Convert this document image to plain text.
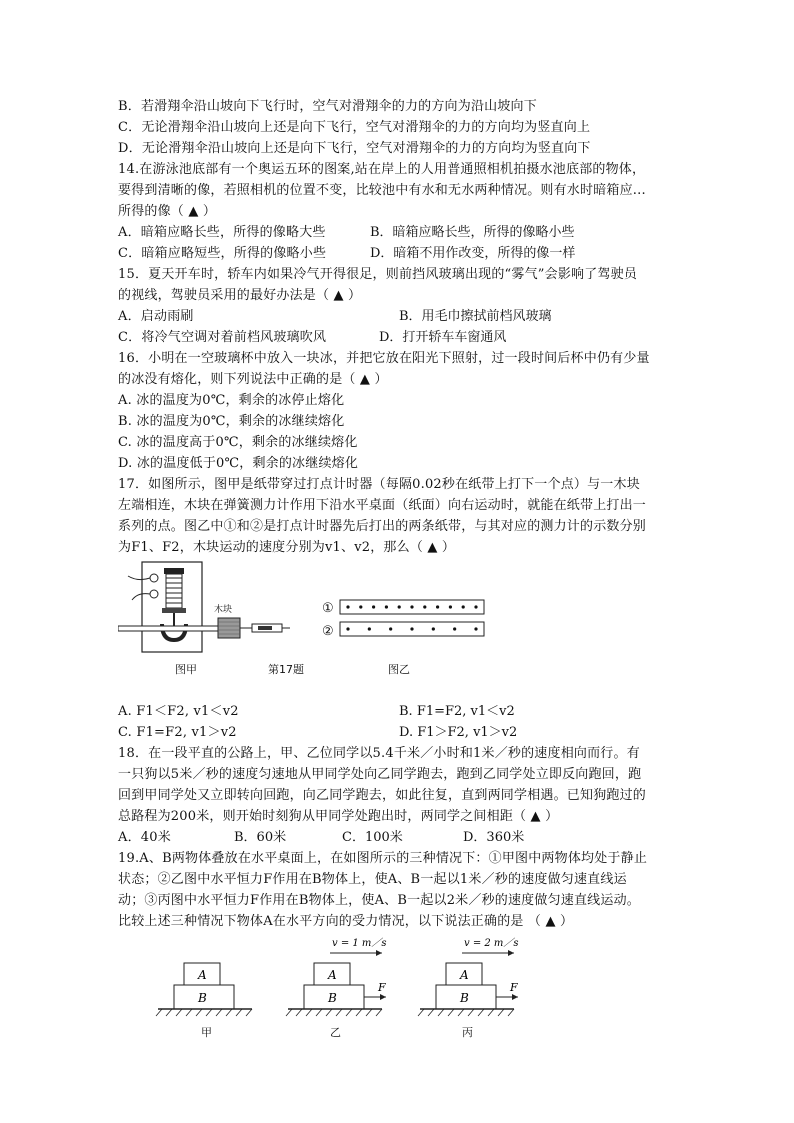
B．若滑翔伞沿山坡向下飞行时，空气对滑翔伞的力的方向为沿山坡向下
C．无论滑翔伞沿山坡向上还是向下飞行，空气对滑翔伞的力的方向均为竖直向上
D．无论滑翔伞沿山坡向上还是向下飞行，空气对滑翔伞的力的方向均为竖直向下
14.在游泳池底部有一个奥运五环的图案,站在岸上的人用普通照相机拍摄水池底部的物体，
要得到清晰的像，若照相机的位置不变，比较池中有水和无水两种情况。则有水时暗箱应...
所得的像（ ▲ ）
A．暗箱应略长些，所得的像略大些	B．暗箱应略长些，所得的像略小些
C．暗箱应略短些，所得的像略小些	D．暗箱不用作改变，所得的像一样
15．夏天开车时，轿车内如果冷气开得很足，则前挡风玻璃出现的“雾气”会影响了驾驶员
的视线，驾驶员采用的最好办法是（ ▲ ）
A．启动雨刷	B．用毛巾擦拭前档风玻璃
C．将冷气空调对着前档风玻璃吹风	D．打开轿车车窗通风
16．小明在一空玻璃杯中放入一块冰，并把它放在阳光下照射，过一段时间后杯中仍有少量
的冰没有熔化，则下列说法中正确的是（ ▲ ）
A. 冰的温度为0℃，剩余的冰停止熔化
B. 冰的温度为0℃，剩余的冰继续熔化
C. 冰的温度高于0℃，剩余的冰继续熔化
D. 冰的温度低于0℃，剩余的冰继续熔化
17．如图所示，图甲是纸带穿过打点计时器（每隔0.02秒在纸带上打下一个点）与一木块
左端相连，木块在弹簧测力计作用下沿水平桌面（纸面）向右运动时，就能在纸带上打出一
系列的点。图乙中①和②是打点计时器先后打出的两条纸带，与其对应的测力计的示数分别
为F1、F2，木块运动的速度分别为v1、v2，那么（ ▲ ）
木块	①
②
图甲	第17题	图乙
A. F1＜F2, v1＜v2	B. F1=F2, v1＜v2
C. F1=F2, v1＞v2	D. F1＞F2, v1＞v2
18．在一段平直的公路上，甲、乙位同学以5.4千米／小时和1米／秒的速度相向而行。有
一只狗以5米／秒的速度匀速地从甲同学处向乙同学跑去，跑到乙同学处立即反向跑回，跑
回到甲同学处又立即转向回跑，向乙同学跑去，如此往复，直到两同学相遇。已知狗跑过的
总路程为200米，则开始时刻狗从甲同学处跑出时，两同学之间相距（ ▲ ）
A．40米	B．60米	C．100米	D．360米
19.A、B两物体叠放在水平桌面上，在如图所示的三种情况下：①甲图中两物体均处于静止
状态；②乙图中水平恒力F作用在B物体上，使A、B一起以1米／秒的速度做匀速直线运
动；③丙图中水平恒力F作用在B物体上，使A、B一起以2米／秒的速度做匀速直线运动。
比较上述三种情况下物体A在水平方向的受力情况，以下说法正确的是 （ ▲ ）
A
B
v = 1 m／s
A
B
F
v = 2 m／s
A
B
F
甲	乙	丙
